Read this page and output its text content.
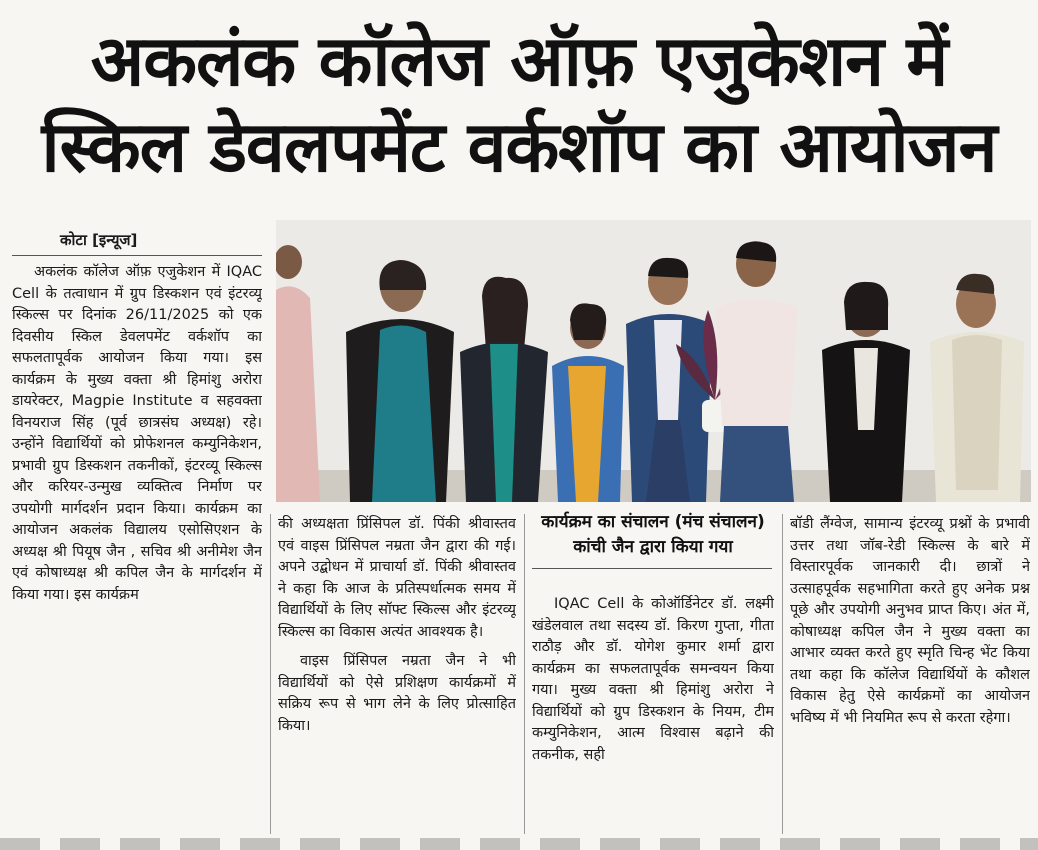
अकलंक कॉलेज ऑफ़ एजुकेशन में
स्किल डेवलपमेंट वर्कशॉप का आयोजन
कोटा [इन्यूज]

अकलंक कॉलेज ऑफ़ एजुकेशन में IQAC Cell के तत्वाधान में ग्रुप डिस्कशन एवं इंटरव्यू स्किल्स पर दिनांक 26/11/2025 को एक दिवसीय स्किल डेवलपमेंट वर्कशॉप का सफलतापूर्वक आयोजन किया गया। इस कार्यक्रम के मुख्य वक्ता श्री हिमांशु अरोरा डायरेक्टर, Magpie Institute व सहवक्ता विनयराज सिंह (पूर्व छात्रसंघ अध्यक्ष) रहे। उन्होंने विद्यार्थियों को प्रोफेशनल कम्युनिकेशन, प्रभावी ग्रुप डिस्कशन तकनीकों, इंटरव्यू स्किल्स और करियर-उन्मुख व्यक्तित्व निर्माण पर उपयोगी मार्गदर्शन प्रदान किया। कार्यक्रम का आयोजन अकलंक विद्यालय एसोसिएशन के अध्यक्ष श्री पियूष जैन , सचिव श्री अनीमेश जैन एवं कोषाध्यक्ष श्री कपिल जैन के मार्गदर्शन में किया गया। इस कार्यक्रम

कार्यक्रम का संचालन (मंच संचालन)
कांची जैन द्वारा किया गया

की अध्यक्षता प्रिंसिपल डॉ. पिंकी श्रीवास्तव एवं वाइस प्रिंसिपल नम्रता जैन द्वारा की गई। अपने उद्बोधन में प्राचार्या डॉ. पिंकी श्रीवास्तव ने कहा कि आज के प्रतिस्पर्धात्मक समय में विद्यार्थियों के लिए सॉफ्ट स्किल्स और इंटरव्यू स्किल्स का विकास अत्यंत आवश्यक है।

वाइस प्रिंसिपल नम्रता जैन ने भी विद्यार्थियों को ऐसे प्रशिक्षण कार्यक्रमों में सक्रिय रूप से भाग लेने के लिए प्रोत्साहित किया।

IQAC Cell के कोऑर्डिनेटर डॉ. लक्ष्मी खंडेलवाल तथा सदस्य डॉ. किरण गुप्ता, गीता राठौड़ और डॉ. योगेश कुमार शर्मा द्वारा कार्यक्रम का सफलतापूर्वक समन्वयन किया गया। मुख्य वक्ता श्री हिमांशु अरोरा ने विद्यार्थियों को ग्रुप डिस्कशन के नियम, टीम कम्युनिकेशन, आत्म विश्वास बढ़ाने की तकनीक, सही

बॉडी लैंग्वेज, सामान्य इंटरव्यू प्रश्नों के प्रभावी उत्तर तथा जॉब-रेडी स्किल्स के बारे में विस्तारपूर्वक जानकारी दी। छात्रों ने उत्साहपूर्वक सहभागिता करते हुए अनेक प्रश्न पूछे और उपयोगी अनुभव प्राप्त किए। अंत में, कोषाध्यक्ष कपिल जैन ने मुख्य वक्ता का आभार व्यक्त करते हुए स्मृति चिन्ह भेंट किया तथा कहा कि कॉलेज विद्यार्थियों के कौशल विकास हेतु ऐसे कार्यक्रमों का आयोजन भविष्य में भी नियमित रूप से करता रहेगा।
